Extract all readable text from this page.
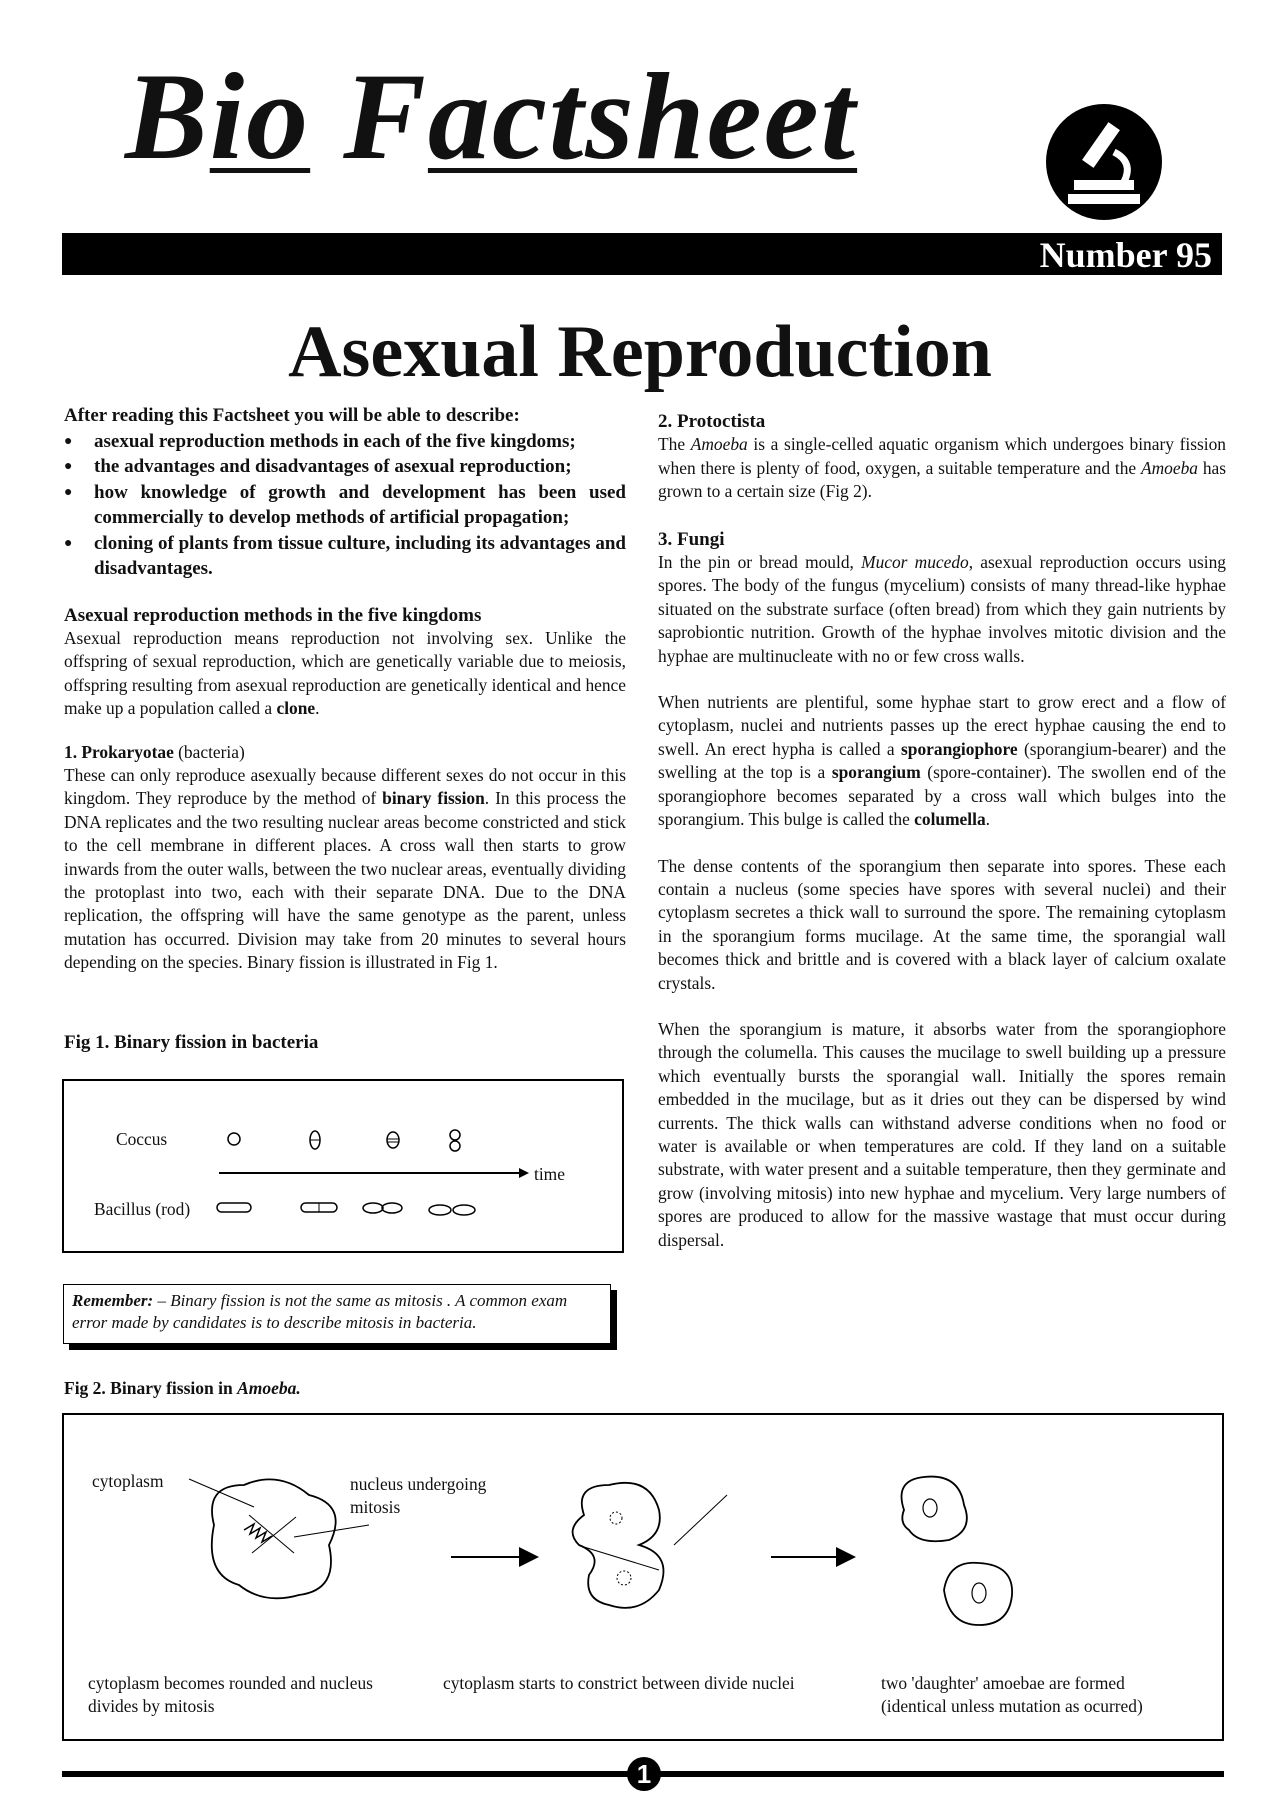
Bio Factsheet
Number 95
Asexual Reproduction

After reading this Factsheet you will be able to describe:

● asexual reproduction methods in each of the five kingdoms;
● the advantages and disadvantages of asexual reproduction;
● how knowledge of growth and development has been used commercially to develop methods of artificial propagation;
● cloning of plants from tissue culture, including its advantages and disadvantages.

Asexual reproduction methods in the five kingdoms

Asexual reproduction means reproduction not involving sex. Unlike the offspring of sexual reproduction, which are genetically variable due to meiosis, offspring resulting from asexual reproduction are genetically identical and hence make up a population called a clone.

1. Prokaryotae (bacteria)

These can only reproduce asexually because different sexes do not occur in this kingdom. They reproduce by the method of binary fission. In this process the DNA replicates and the two resulting nuclear areas become constricted and stick to the cell membrane in different places. A cross wall then starts to grow inwards from the outer walls, between the two nuclear areas, eventually dividing the protoplast into two, each with their separate DNA. Due to the DNA replication, the offspring will have the same genotype as the parent, unless mutation has occurred. Division may take from 20 minutes to several hours depending on the species. Binary fission is illustrated in Fig 1.

Fig 1. Binary fission in bacteria
Coccus
Bacillus (rod)
time
Remember: – Binary fission is not the same as mitosis . A common exam error made by candidates is to describe mitosis in bacteria.

2. Protoctista

The Amoeba is a single-celled aquatic organism which undergoes binary fission when there is plenty of food, oxygen, a suitable temperature and the Amoeba has grown to a certain size (Fig 2).

3. Fungi

In the pin or bread mould, Mucor mucedo, asexual reproduction occurs using spores. The body of the fungus (mycelium) consists of many thread-like hyphae situated on the substrate surface (often bread) from which they gain nutrients by saprobiontic nutrition. Growth of the hyphae involves mitotic division and the hyphae are multinucleate with no or few cross walls.

When nutrients are plentiful, some hyphae start to grow erect and a flow of cytoplasm, nuclei and nutrients passes up the erect hyphae causing the end to swell. An erect hypha is called a sporangiophore (sporangium-bearer) and the swelling at the top is a sporangium (spore-container). The swollen end of the sporangiophore becomes separated by a cross wall which bulges into the sporangium. This bulge is called the columella.

The dense contents of the sporangium then separate into spores. These each contain a nucleus (some species have spores with several nuclei) and their cytoplasm secretes a thick wall to surround the spore. The remaining cytoplasm in the sporangium forms mucilage. At the same time, the sporangial wall becomes thick and brittle and is covered with a black layer of calcium oxalate crystals.

When the sporangium is mature, it absorbs water from the sporangiophore through the columella. This causes the mucilage to swell building up a pressure which eventually bursts the sporangial wall. Initially the spores remain embedded in the mucilage, but as it dries out they can be dispersed by wind currents. The thick walls can withstand adverse conditions when no food or water is available or when temperatures are cold. If they land on a suitable substrate, with water present and a suitable temperature, then they germinate and grow (involving mitosis) into new hyphae and mycelium. Very large numbers of spores are produced to allow for the massive wastage that must occur during dispersal.

Fig 2. Binary fission in Amoeba.
cytoplasm	nucleus undergoing
mitosis
cytoplasm becomes rounded and nucleus
divides by mitosis
cytoplasm starts to constrict between divide nuclei	two 'daughter' amoebae are formed
(identical unless mutation as ocurred)
1
